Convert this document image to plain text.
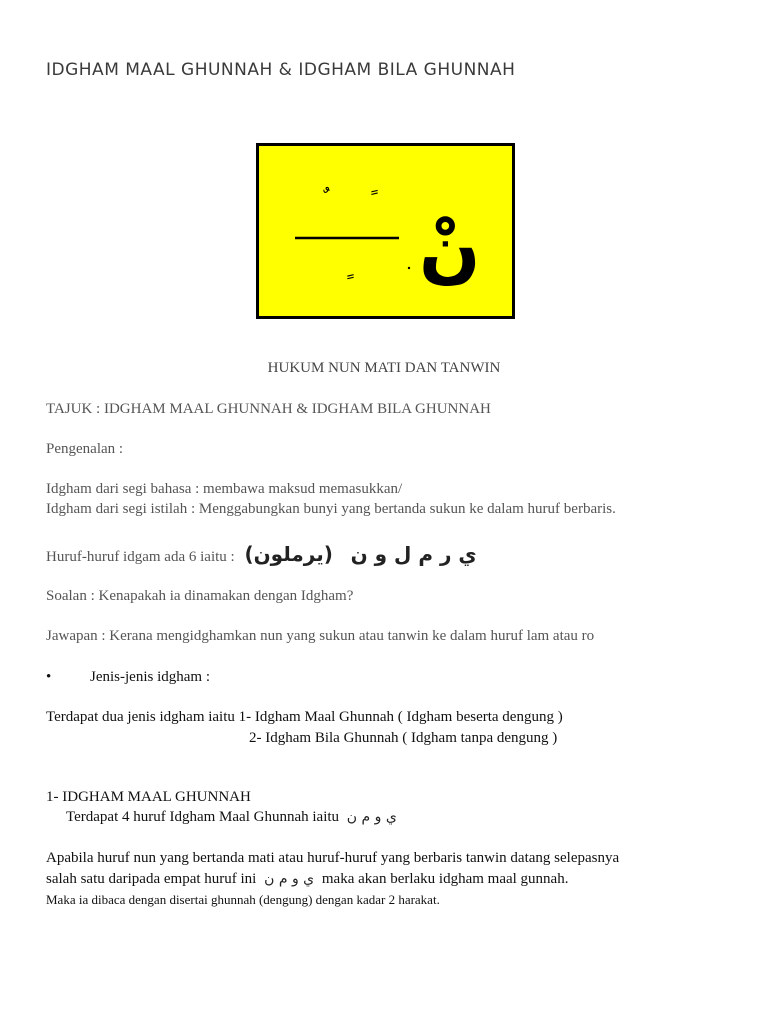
IDGHAM MAAL GHUNNAH & IDGHAM BILA GHUNNAH
نْ
HUKUM NUN MATI DAN TANWIN
TAJUK : IDGHAM MAAL GHUNNAH & IDGHAM BILA GHUNNAH
Pengenalan :
Idgham dari segi bahasa : membawa maksud memasukkan/
Idgham dari segi istilah : Menggabungkan bunyi yang bertanda sukun ke dalam huruf berbaris.
Huruf-huruf idgam ada 6 iaitu : (يرملون) ي ر م ل و ن
Soalan : Kenapakah ia dinamakan dengan Idgham?
Jawapan : Kerana mengidghamkan nun yang sukun atau tanwin ke dalam huruf lam atau ro
•	Jenis-jenis idgham :
Terdapat dua jenis idgham iaitu 1- Idgham Maal Ghunnah ( Idgham beserta dengung )
2- Idgham Bila Ghunnah ( Idgham tanpa dengung )
1- IDGHAM MAAL GHUNNAH
Terdapat 4 huruf Idgham Maal Ghunnah iaitu ي و م ن
Apabila huruf nun yang bertanda mati atau huruf-huruf yang berbaris tanwin datang selepasnya
salah satu daripada empat huruf ini ي و م ن maka akan berlaku idgham maal gunnah.
Maka ia dibaca dengan disertai ghunnah (dengung) dengan kadar 2 harakat.
